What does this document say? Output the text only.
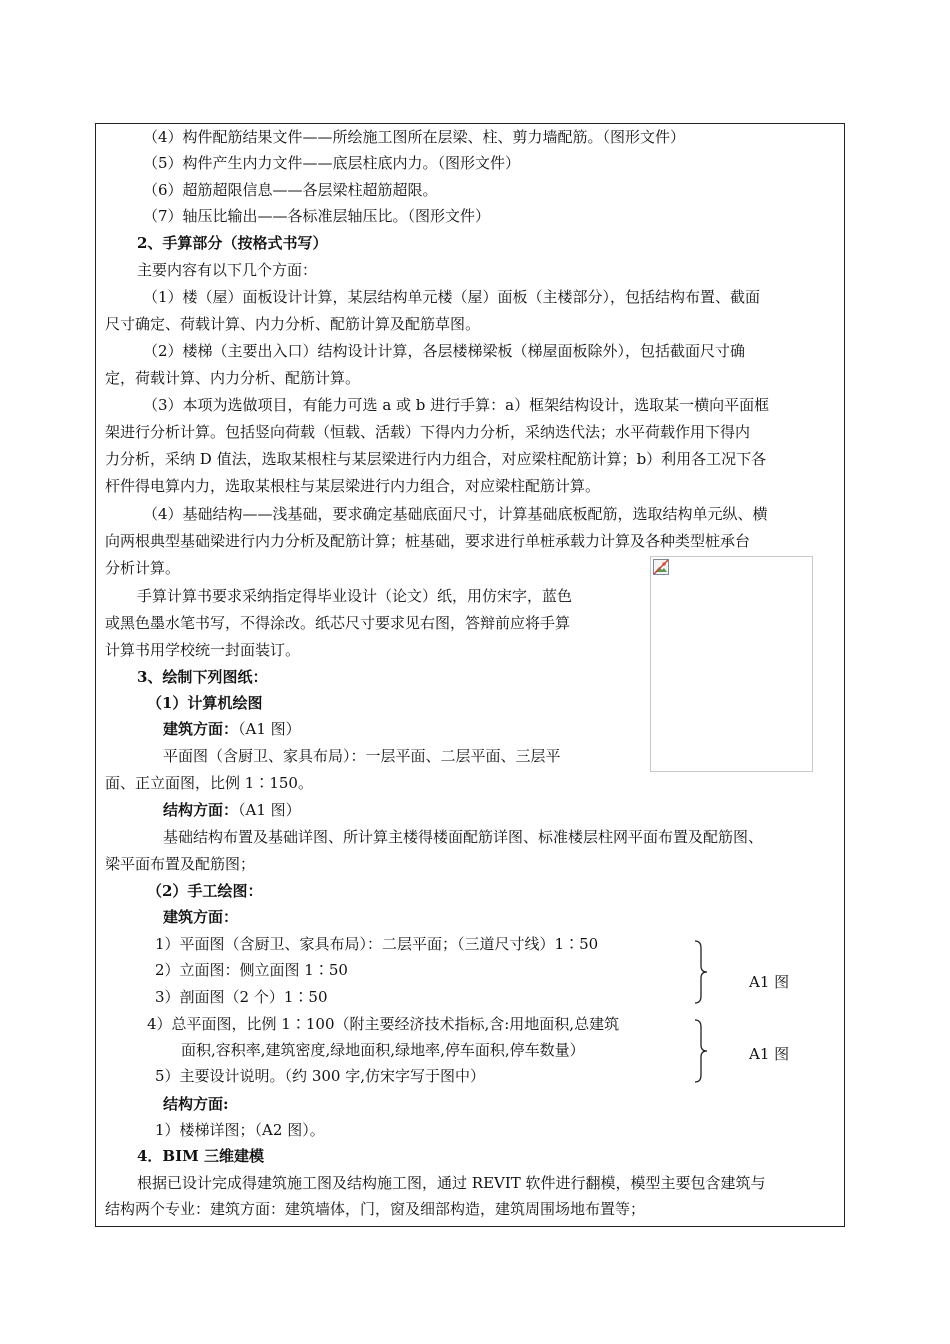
（4）构件配筋结果文件——所绘施工图所在层梁、柱、剪力墙配筋。（图形文件）
（5）构件产生内力文件——底层柱底内力。（图形文件）
（6）超筋超限信息——各层梁柱超筋超限。
（7）轴压比输出——各标准层轴压比。（图形文件）
2、手算部分（按格式书写）
主要内容有以下几个方面：
（1）楼（屋）面板设计计算，某层结构单元楼（屋）面板（主楼部分），包括结构布置、截面
尺寸确定、荷载计算、内力分析、配筋计算及配筋草图。
（2）楼梯（主要出入口）结构设计计算，各层楼梯梁板（梯屋面板除外），包括截面尺寸确
定，荷载计算、内力分析、配筋计算。
（3）本项为选做项目，有能力可选 a 或 b 进行手算：a）框架结构设计，选取某一横向平面框
架进行分析计算。包括竖向荷载（恒载、活载）下得内力分析，采纳迭代法；水平荷载作用下得内
力分析，采纳 D 值法，选取某根柱与某层梁进行内力组合，对应梁柱配筋计算；b）利用各工况下各
杆件得电算内力，选取某根柱与某层梁进行内力组合，对应梁柱配筋计算。
（4）基础结构——浅基础，要求确定基础底面尺寸，计算基础底板配筋，选取结构单元纵、横
向两根典型基础梁进行内力分析及配筋计算；桩基础，要求进行单桩承载力计算及各种类型桩承台
分析计算。
手算计算书要求采纳指定得毕业设计（论文）纸，用仿宋字，蓝色
或黑色墨水笔书写，不得涂改。纸芯尺寸要求见右图，答辩前应将手算
计算书用学校统一封面装订。
3、绘制下列图纸：
（1）计算机绘图
建筑方面：（A1 图）
平面图（含厨卫、家具布局）：一层平面、二层平面、三层平
面、正立面图，比例 1∶150。
结构方面：（A1 图）
基础结构布置及基础详图、所计算主楼得楼面配筋详图、标准楼层柱网平面布置及配筋图、
梁平面布置及配筋图；
（2）手工绘图：
建筑方面：
1）平面图（含厨卫、家具布局）：二层平面；（三道尺寸线）1∶50
2）立面图：侧立面图 1∶50
3）剖面图（2 个）1∶50
A1 图
4）总平面图，比例 1∶100（附主要经济技术指标,含:用地面积,总建筑
面积,容积率,建筑密度,绿地面积,绿地率,停车面积,停车数量）
5）主要设计说明。（约 300 字,仿宋字写于图中）
A1 图
结构方面:
1）楼梯详图；（A2 图）。
4．BIM 三维建模
根据已设计完成得建筑施工图及结构施工图，通过 REVIT 软件进行翻模，模型主要包含建筑与
结构两个专业：建筑方面：建筑墙体，门，窗及细部构造，建筑周围场地布置等；
